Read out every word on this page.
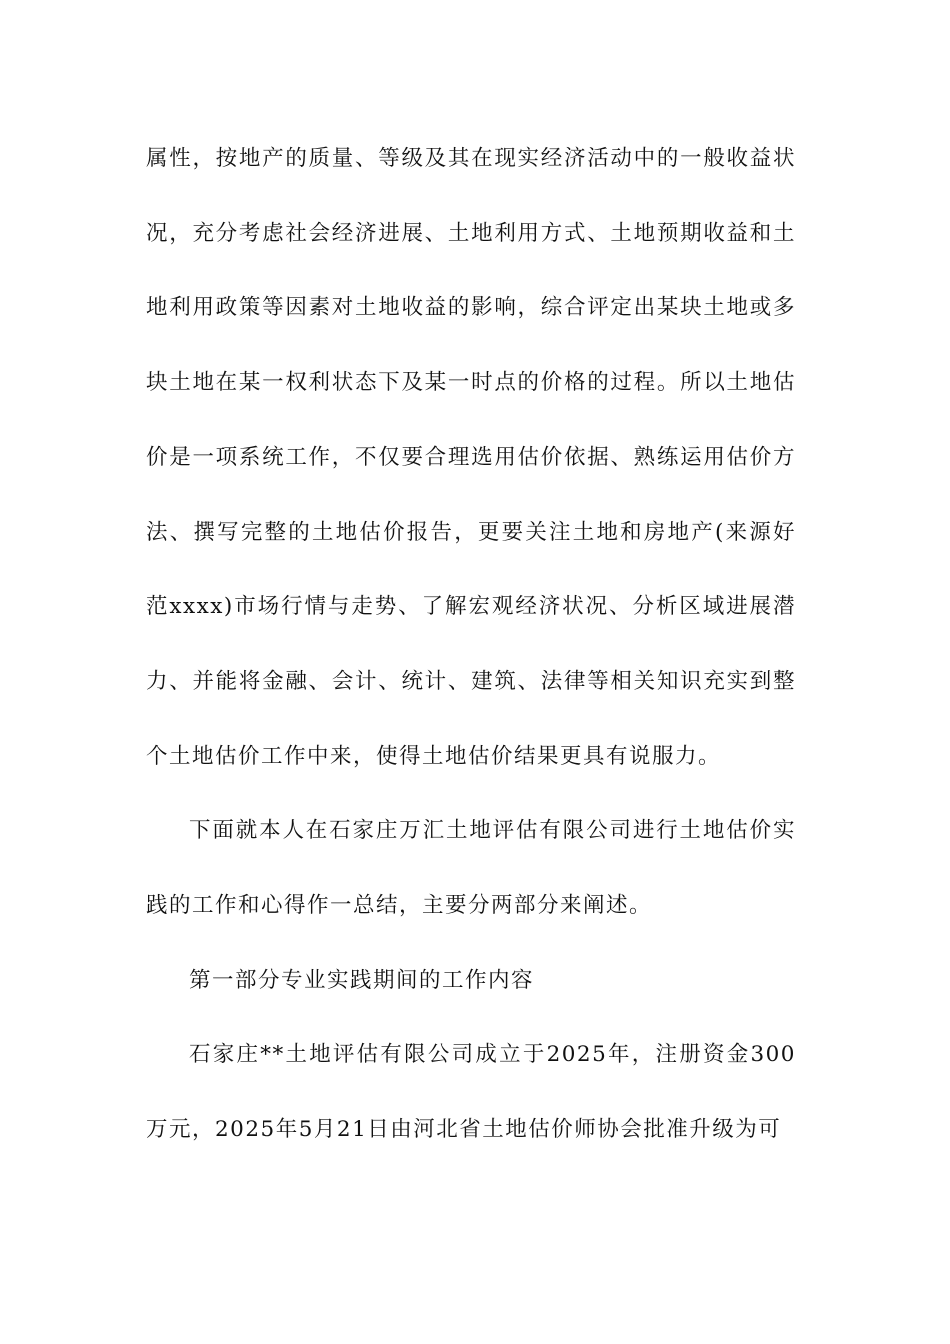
属性，按地产的质量、等级及其在现实经济活动中的一般收益状况，充分考虑社会经济进展、土地利用方式、土地预期收益和土地利用政策等因素对土地收益的影响，综合评定出某块土地或多块土地在某一权利状态下及某一时点的价格的过程。所以土地估价是一项系统工作，不仅要合理选用估价依据、熟练运用估价方法、撰写完整的土地估价报告，更要关注土地和房地产(来源好范xxxx)市场行情与走势、了解宏观经济状况、分析区域进展潜力、并能将金融、会计、统计、建筑、法律等相关知识充实到整个土地估价工作中来，使得土地估价结果更具有说服力。

下面就本人在石家庄万汇土地评估有限公司进行土地估价实践的工作和心得作一总结，主要分两部分来阐述。

第一部分专业实践期间的工作内容

石家庄**土地评估有限公司成立于2025年，注册资金300万元，2025年5月21日由河北省土地估价师协会批准升级为可
